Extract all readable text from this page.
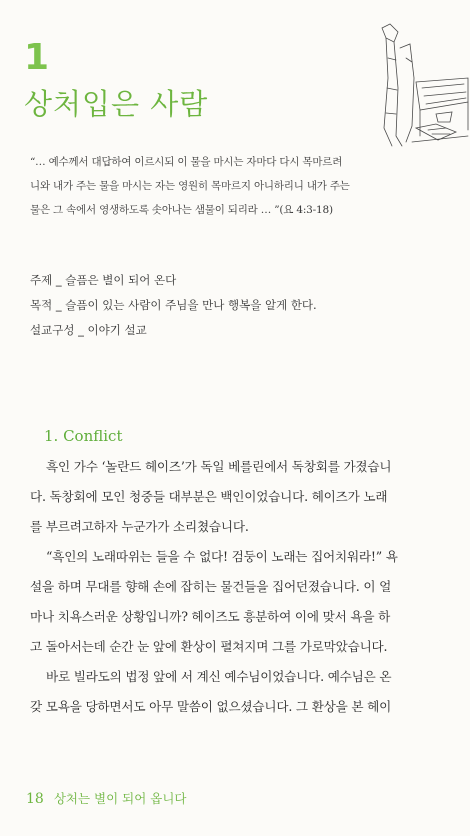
1
상처입은 사람
“… 예수께서 대답하여 이르시되 이 물을 마시는 자마다 다시 목마르려
니와 내가 주는 물을 마시는 자는 영원히 목마르지 아니하리니 내가 주는
물은 그 속에서 영생하도록 솟아나는 샘물이 되리라 … ”(요 4:3-18)
주제 _ 슬픔은 별이 되어 온다
목적 _ 슬픔이 있는 사람이 주님을 만나 행복을 알게 한다.
설교구성 _ 이야기 설교
1. Conflict
흑인 가수 ‘놀란드 헤이즈’가 독일 베를린에서 독창회를 가졌습니
다. 독창회에 모인 청중들 대부분은 백인이었습니다. 헤이즈가 노래
를 부르려고하자 누군가가 소리쳤습니다.
“흑인의 노래따위는 들을 수 없다! 검둥이 노래는 집어치워라!” 욕
설을 하며 무대를 향해 손에 잡히는 물건들을 집어던졌습니다. 이 얼
마나 치욕스러운 상황입니까? 헤이즈도 흥분하여 이에 맞서 욕을 하
고 돌아서는데 순간 눈 앞에 환상이 펼쳐지며 그를 가로막았습니다.
바로 빌라도의 법정 앞에 서 계신 예수님이었습니다. 예수님은 온
갖 모욕을 당하면서도 아무 말씀이 없으셨습니다. 그 환상을 본 헤이
18 상처는 별이 되어 옵니다
